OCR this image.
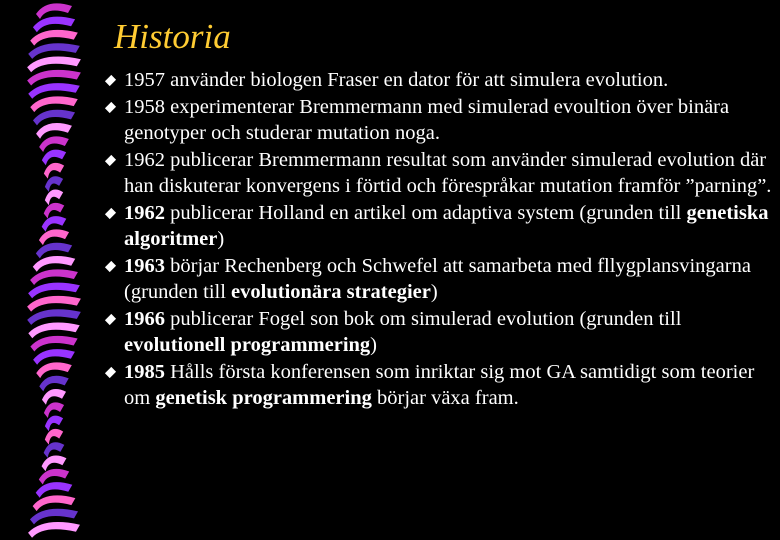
Historia
1957 använder biologen Fraser en dator för att simulera evolution.
1958 experimenterar Bremmermann med simulerad evoultion över binära genotyper och studerar mutation noga.
1962 publicerar Bremmermann resultat som använder simulerad evolution där han diskuterar konvergens i förtid och förespråkar mutation framför ”parning”.
1962 publicerar Holland en artikel om adaptiva system (grunden till genetiska algoritmer)
1963 börjar Rechenberg och Schwefel att samarbeta med fllygplansvingarna (grunden till evolutionära strategier)
1966 publicerar Fogel son bok om simulerad evolution (grunden till evolutionell programmering)
1985 Hålls första konferensen som inriktar sig mot GA samtidigt som teorier om genetisk programmering börjar växa fram.
